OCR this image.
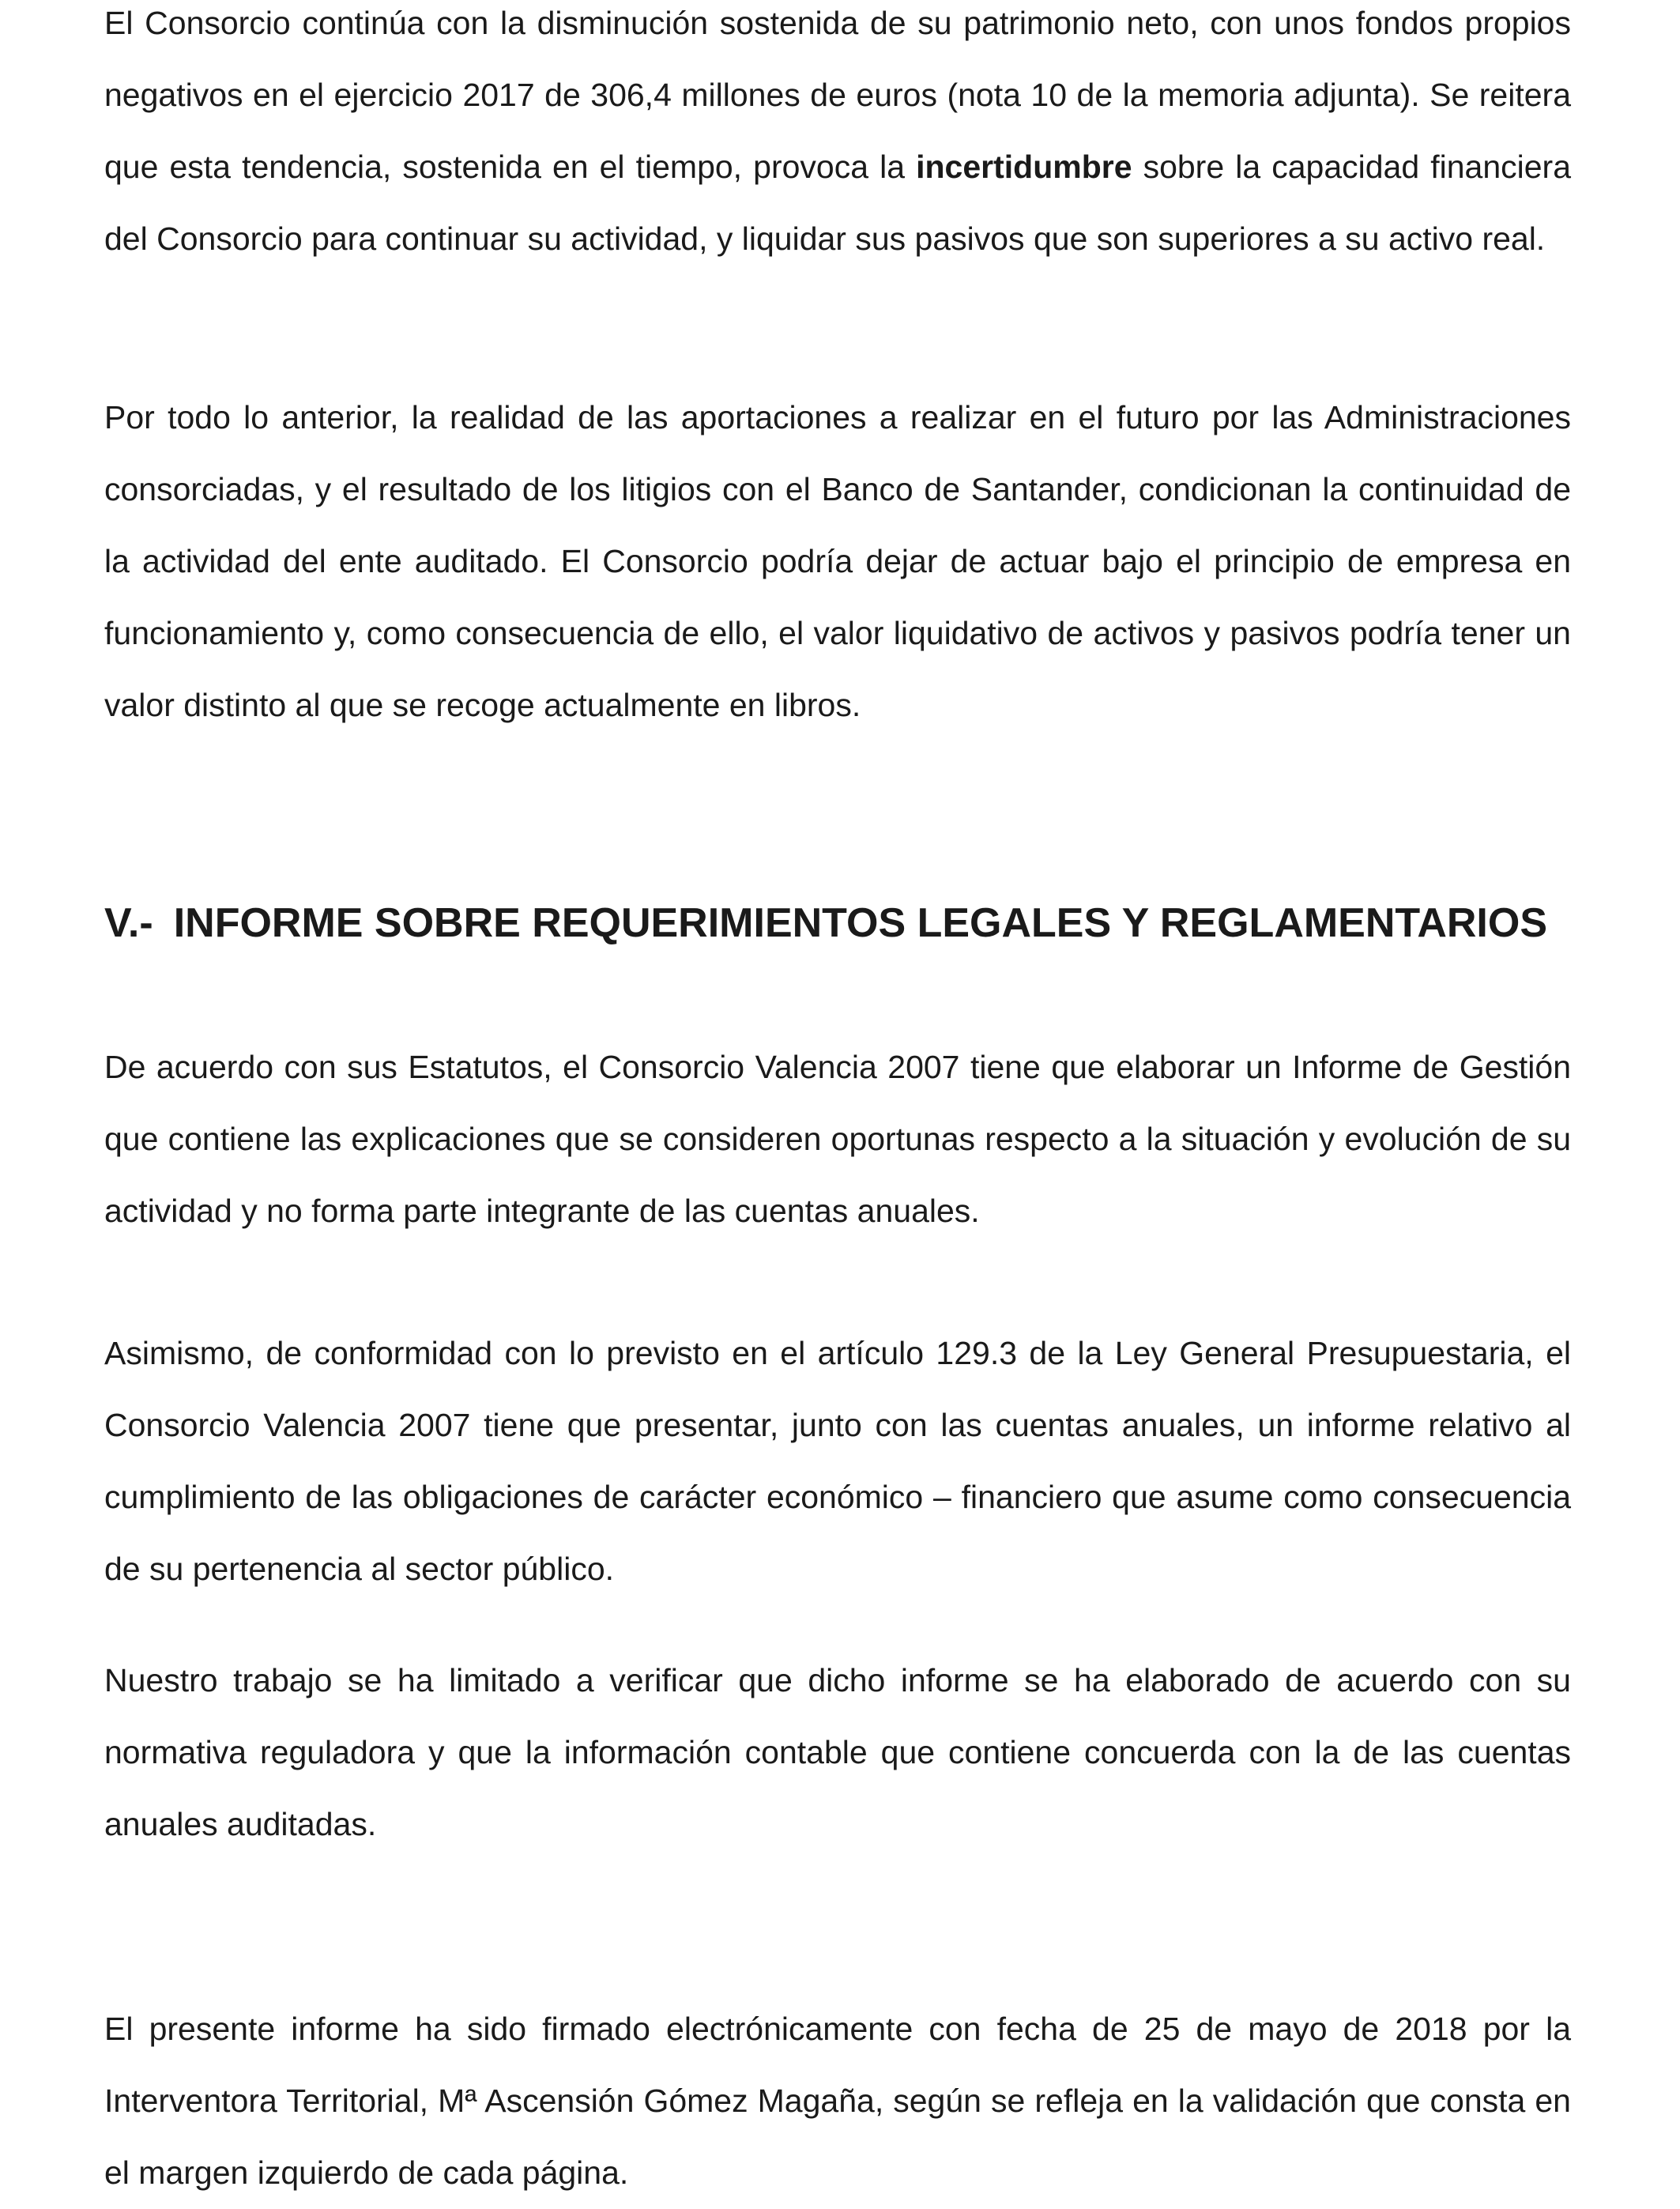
El Consorcio continúa con la disminución sostenida de su patrimonio neto, con unos fondos propios negativos en el ejercicio 2017 de 306,4 millones de euros (nota 10 de la memoria adjunta). Se reitera que esta tendencia, sostenida en el tiempo, provoca la incertidumbre sobre la capacidad financiera del Consorcio para continuar su actividad, y liquidar sus pasivos que son superiores a su activo real.

Por todo lo anterior, la realidad de las aportaciones a realizar en el futuro por las Administraciones consorciadas, y el resultado de los litigios con el Banco de Santander, condicionan la continuidad de la actividad del ente auditado. El Consorcio podría dejar de actuar bajo el principio de empresa en funcionamiento y, como consecuencia de ello, el valor liquidativo de activos y pasivos podría tener un valor distinto al que se recoge actualmente en libros.

V.- INFORME SOBRE REQUERIMIENTOS LEGALES Y REGLAMENTARIOS

De acuerdo con sus Estatutos, el Consorcio Valencia 2007 tiene que elaborar un Informe de Gestión que contiene las explicaciones que se consideren oportunas respecto a la situación y evolución de su actividad y no forma parte integrante de las cuentas anuales.

Asimismo, de conformidad con lo previsto en el artículo 129.3 de la Ley General Presupuestaria, el Consorcio Valencia 2007 tiene que presentar, junto con las cuentas anuales, un informe relativo al cumplimiento de las obligaciones de carácter económico – financiero que asume como consecuencia de su pertenencia al sector público.

Nuestro trabajo se ha limitado a verificar que dicho informe se ha elaborado de acuerdo con su normativa reguladora y que la información contable que contiene concuerda con la de las cuentas anuales auditadas.

El presente informe ha sido firmado electrónicamente con fecha de 25 de mayo de 2018 por la Interventora Territorial, Mª Ascensión Gómez Magaña, según se refleja en la validación que consta en el margen izquierdo de cada página.
